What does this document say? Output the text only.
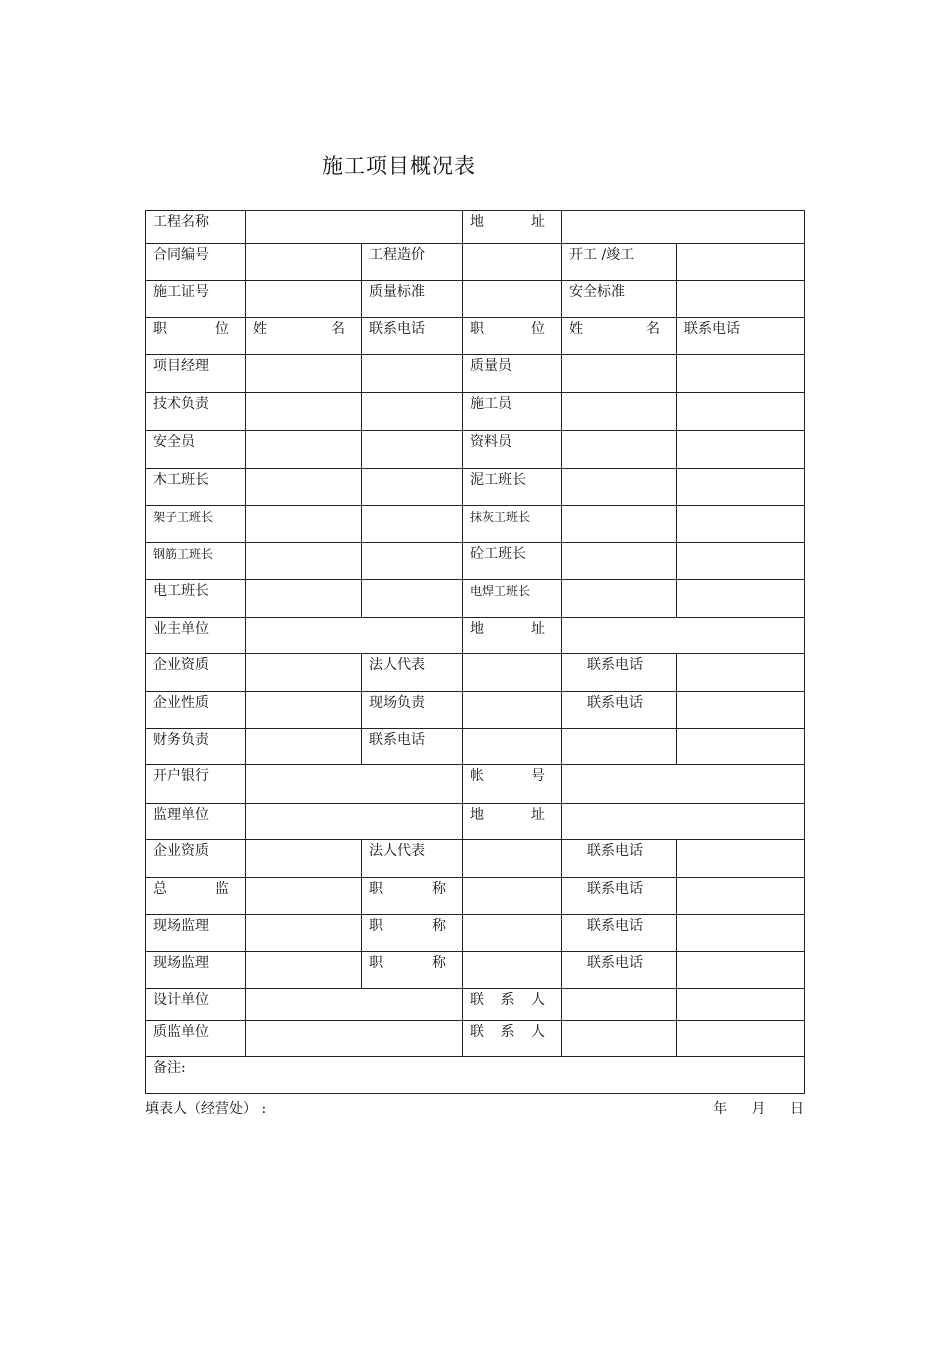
施工项目概况表
工程名称			地 址		

合同编号		工程造价		开工 /竣工	

施工证号		质量标准		安全标准	

职 位	姓 名	联系电话	职 位	姓 名	联系电话

项目经理			质量员		

技术负责			施工员		

安全员			资料员		

木工班长			泥工班长		

架子工班长			抹灰工班长		

钢筋工班长			砼工班长		

电工班长			电焊工班长		

业主单位			地 址		

企业资质		法人代表		联系电话	

企业性质		现场负责		联系电话	

财务负责		联系电话			

开户银行			帐 号		

监理单位			地 址		

企业资质		法人代表		联系电话	

总 监		职 称		联系电话	

现场监理		职 称		联系电话	

现场监理		职 称		联系电话	

设计单位			联 系 人		

质监单位			联 系 人		

备注:					
填表人（经营处） :	年 月 日
